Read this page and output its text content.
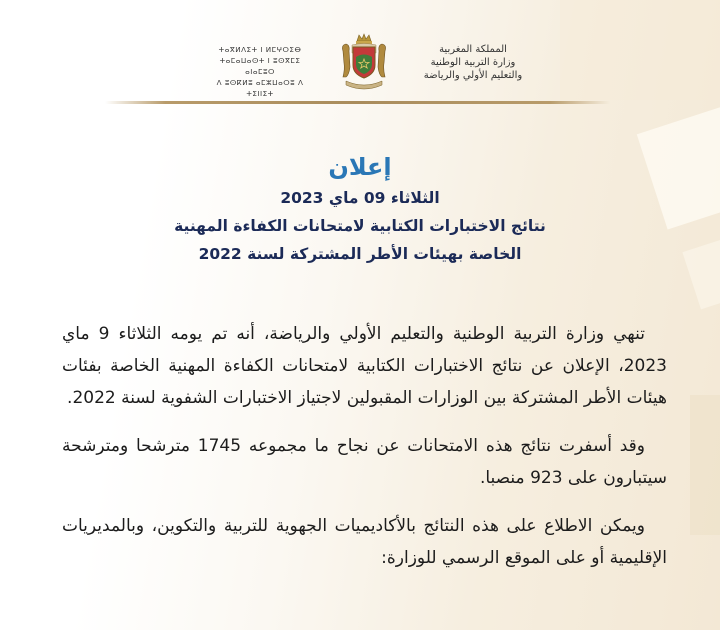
ⵜⴰⴳⵍⴷⵉⵜ ⵏ ⵍⵎⵖⵔⵉⴱ
ⵜⴰⵎⴰⵡⴰⵙⵜ ⵏ ⵓⵙⴳⵎⵉ ⴰⵏⴰⵎⵓⵔ
ⴷ ⵓⵙⴽⵍⵓ ⴰⵎⵣⵡⴰⵔⵓ ⴷ ⵜⵉⵏⵏⵉⵜ
المملكة المغربية
وزارة التربية الوطنية
والتعليم الأولي والرياضة

إعلان

الثلاثاء 09 ماي 2023

نتائج الاختبارات الكتابية لامتحانات الكفاءة المهنية

الخاصة بهيئات الأطر المشتركة لسنة 2022

تنهي وزارة التربية الوطنية والتعليم الأولي والرياضة، أنه تم يومه الثلاثاء 9 ماي 2023، الإعلان عن نتائج الاختبارات الكتابية لامتحانات الكفاءة المهنية الخاصة بفئات هيئات الأطر المشتركة بين الوزارات المقبولين لاجتياز الاختبارات الشفوية لسنة 2022.

وقد أسفرت نتائج هذه الامتحانات عن نجاح ما مجموعه 1745 مترشحا ومترشحة سيتبارون على 923 منصبا.

ويمكن الاطلاع على هذه النتائج بالأكاديميات الجهوية للتربية والتكوين، وبالمديريات الإقليمية أو على الموقع الرسمي للوزارة:
